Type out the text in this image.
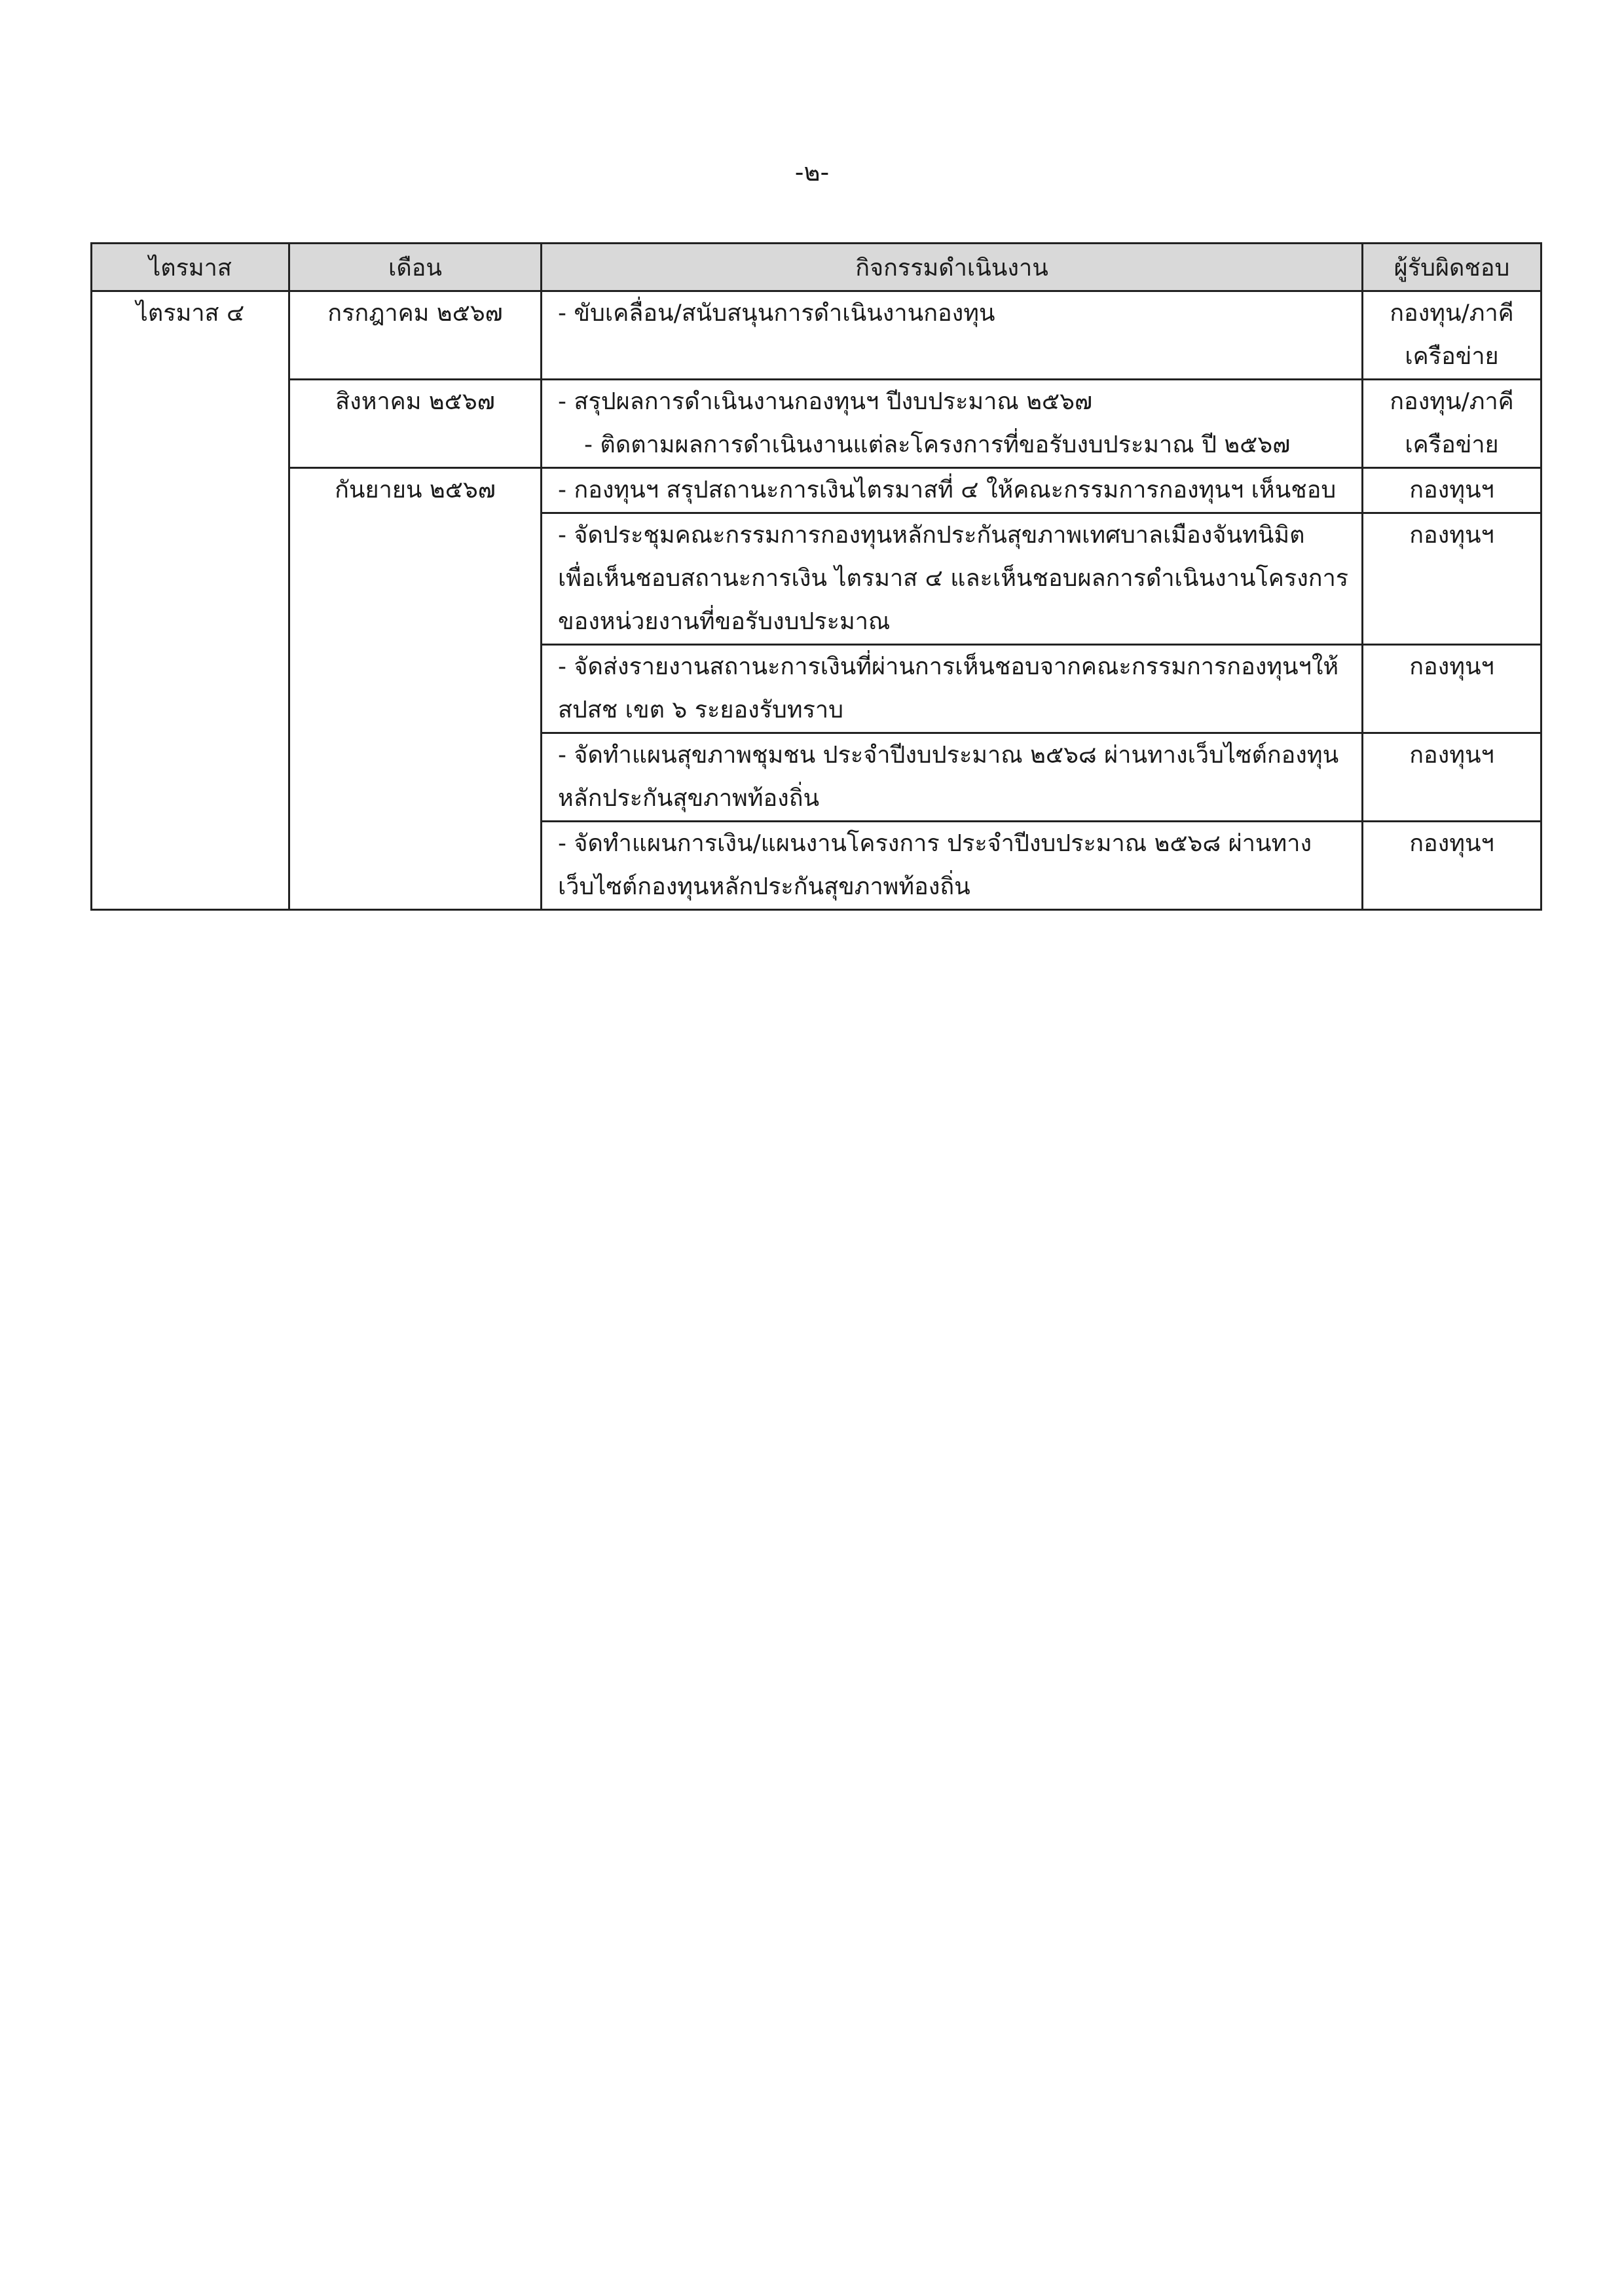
-๒-
ไตรมาส	เดือน	กิจกรรมดำเนินงาน	ผู้รับผิดชอบ
ไตรมาส ๔	กรกฎาคม ๒๕๖๗	- ขับเคลื่อน/สนับสนุนการดำเนินงานกองทุน	กองทุน/ภาคี
เครือข่าย

	สิงหาคม ๒๕๖๗	- สรุปผลการดำเนินงานกองทุนฯ ปีงบประมาณ ๒๕๖๗
- ติดตามผลการดำเนินงานแต่ละโครงการที่ขอรับงบประมาณ ปี ๒๕๖๗	กองทุน/ภาคี
เครือข่าย

	กันยายน ๒๕๖๗	- กองทุนฯ สรุปสถานะการเงินไตรมาสที่ ๔ ให้คณะกรรมการกองทุนฯ เห็นชอบ	กองทุนฯ

		- จัดประชุมคณะกรรมการกองทุนหลักประกันสุขภาพเทศบาลเมืองจันทนิมิต
เพื่อเห็นชอบสถานะการเงิน ไตรมาส ๔ และเห็นชอบผลการดำเนินงานโครงการ
ของหน่วยงานที่ขอรับงบประมาณ	กองทุนฯ

		- จัดส่งรายงานสถานะการเงินที่ผ่านการเห็นชอบจากคณะกรรมการกองทุนฯให้
สปสช เขต ๖ ระยองรับทราบ	กองทุนฯ

		- จัดทำแผนสุขภาพชุมชน ประจำปีงบประมาณ ๒๕๖๘ ผ่านทางเว็บไซต์กองทุน
หลักประกันสุขภาพท้องถิ่น	กองทุนฯ

		- จัดทำแผนการเงิน/แผนงานโครงการ ประจำปีงบประมาณ ๒๕๖๘ ผ่านทาง
เว็บไซต์กองทุนหลักประกันสุขภาพท้องถิ่น	กองทุนฯ
